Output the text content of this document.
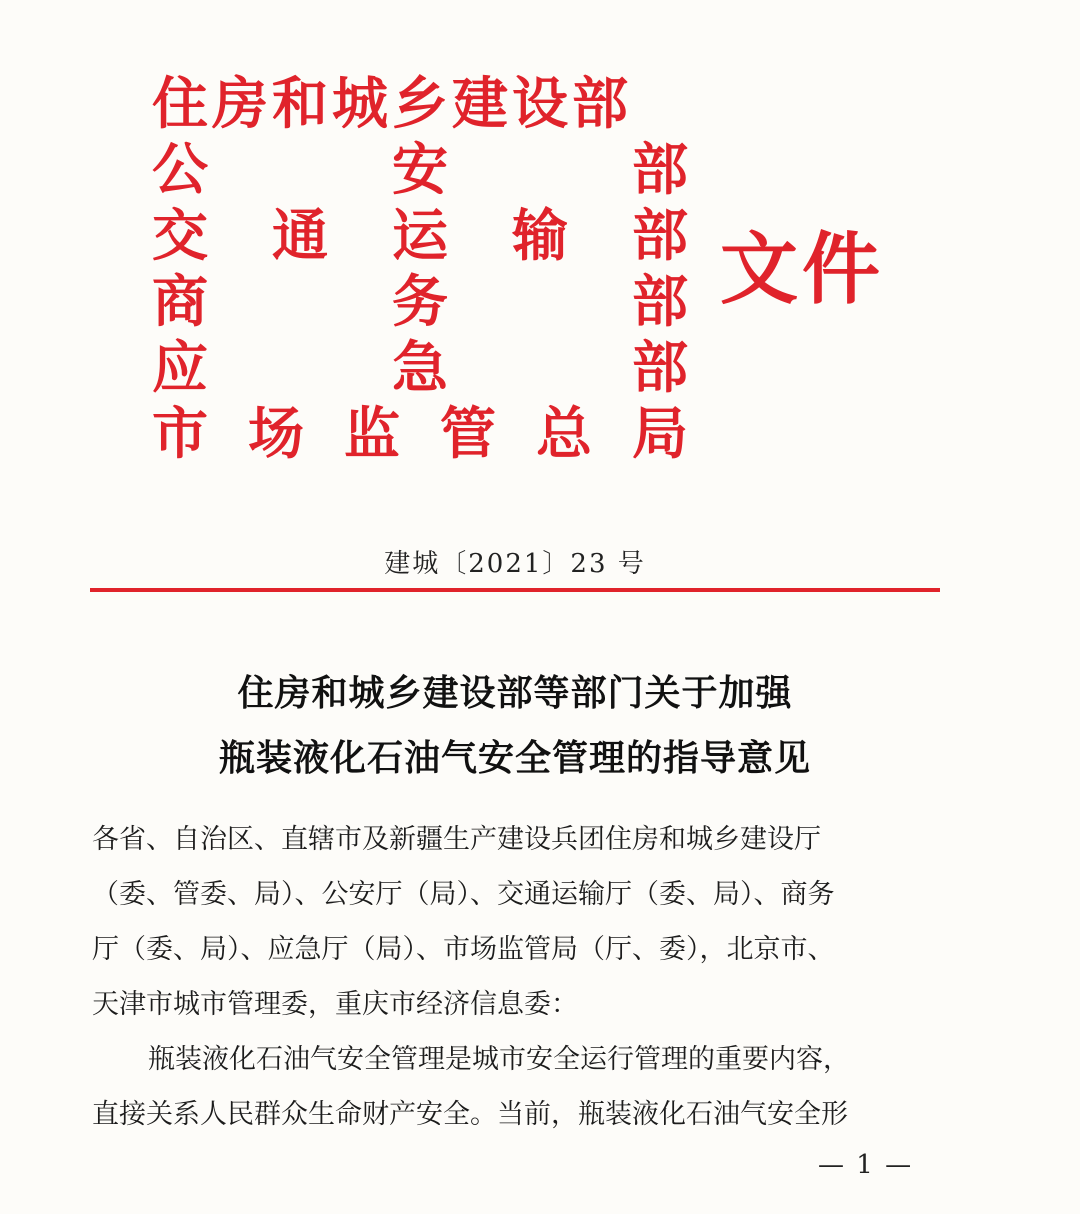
住 房 和 城 乡 建 设 部
公	安	部
交 通 运 输 部
商	务	部
应	急	部
市 场 监 管 总 局
文件
建城〔2021〕23 号
住房和城乡建设部等部门关于加强
瓶装液化石油气安全管理的指导意见

各省、自治区、直辖市及新疆生产建设兵团住房和城乡建设厅

（委、管委、局）、公安厅（局）、交通运输厅（委、局）、商务

厅（委、局）、应急厅（局）、市场监管局（厅、委），北京市、

天津市城市管理委，重庆市经济信息委：

瓶装液化石油气安全管理是城市安全运行管理的重要内容，

直接关系人民群众生命财产安全。当前，瓶装液化石油气安全形

— 1 —
